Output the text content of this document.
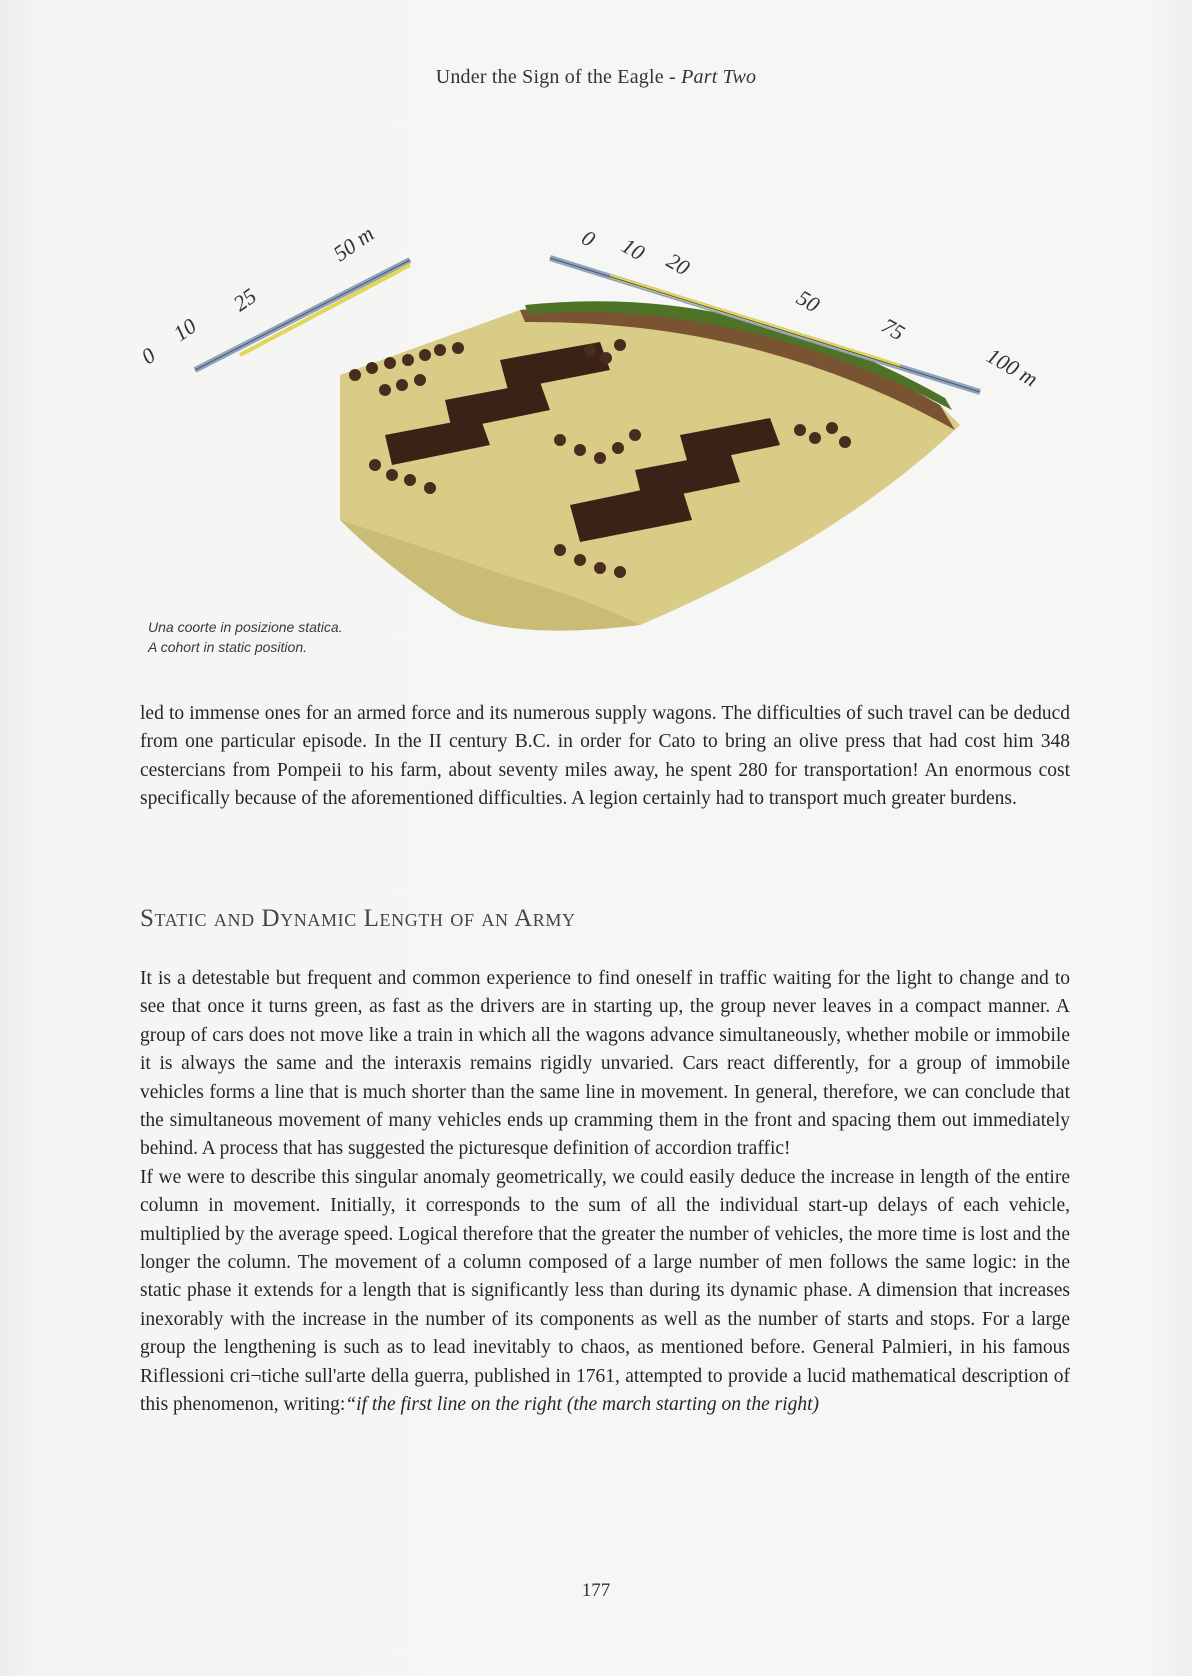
Under the Sign of the Eagle - Part Two
0
10
25
50 m	0 10 20
50
75
100 m
Una coorte in posizione statica.
A cohort in static position.

led to immense ones for an armed force and its numerous supply wagons. The difficulties of such travel can be deducd from one particular episode. In the II century B.C. in order for Cato to bring an olive press that had cost him 348 cestercians from Pompeii to his farm, about seventy miles away, he spent 280 for transportation! An enormous cost specifically because of the aforementioned difficulties. A legion certainly had to transport much greater burdens.

Static and Dynamic Length of an Army

It is a detestable but frequent and common experience to find oneself in traffic waiting for the light to change and to see that once it turns green, as fast as the drivers are in starting up, the group never leaves in a compact manner. A group of cars does not move like a train in which all the wagons advance simultaneously, whether mobile or immobile it is always the same and the interaxis remains rigidly unvaried. Cars react differently, for a group of immobile vehicles forms a line that is much shorter than the same line in movement. In general, therefore, we can conclude that the simultaneous movement of many vehicles ends up cramming them in the front and spacing them out immediately behind. A process that has suggested the picturesque definition of accordion traffic!

If we were to describe this singular anomaly geometrically, we could easily deduce the increase in length of the entire column in movement. Initially, it corresponds to the sum of all the individual start-up delays of each vehicle, multiplied by the average speed. Logical therefore that the greater the number of vehicles, the more time is lost and the longer the column. The movement of a column composed of a large number of men follows the same logic: in the static phase it extends for a length that is significantly less than during its dynamic phase. A dimension that increases inexorably with the increase in the number of its components as well as the number of starts and stops. For a large group the lengthening is such as to lead inevitably to chaos, as mentioned before. General Palmieri, in his famous Riflessioni cri¬tiche sull'arte della guerra, published in 1761, attempted to provide a lucid mathematical description of this phenomenon, writing:“if the first line on the right (the march starting on the right)

177
